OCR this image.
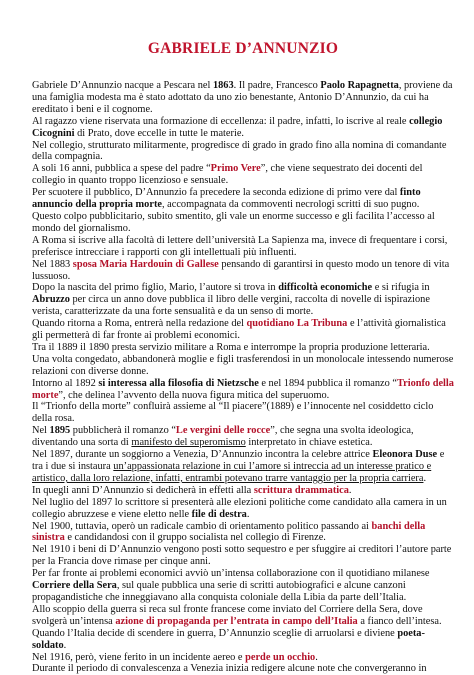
GABRIELE D’ANNUNZIO

Gabriele D’Annunzio nacque a Pescara nel 1863. Il padre, Francesco Paolo Rapagnetta, proviene da una famiglia modesta ma è stato adottato da uno zio benestante, Antonio D’Annunzio, da cui ha ereditato i beni e il cognome.

Al ragazzo viene riservata una formazione di eccellenza: il padre, infatti, lo iscrive al reale collegio Cicognini di Prato, dove eccelle in tutte le materie.

Nel collegio, strutturato militarmente, progredisce di grado in grado fino alla nomina di comandante della compagnia.

A soli 16 anni, pubblica a spese del padre “Primo Vere”, che viene sequestrato dei docenti del collegio in quanto troppo licenzioso e sensuale.

Per scuotere il pubblico, D’Annunzio fa precedere la seconda edizione di primo vere dal finto annuncio della propria morte, accompagnata da commoventi necrologi scritti di suo pugno.

Questo colpo pubblicitario, subito smentito, gli vale un enorme successo e gli facilita l’accesso al mondo del giornalismo.

A Roma si iscrive alla facoltà di lettere dell’università La Sapienza ma, invece di frequentare i corsi, preferisce intrecciare i rapporti con gli intellettuali più influenti.

Nel 1883 sposa Maria Hardouin di Gallese pensando di garantirsi in questo modo un tenore di vita lussuoso.

Dopo la nascita del primo figlio, Mario, l’autore si trova in difficoltà economiche e si rifugia in Abruzzo per circa un anno dove pubblica il libro delle vergini, raccolta di novelle di ispirazione verista, caratterizzate da una forte sensualità e da un senso di morte.

Quando ritorna a Roma, entrerà nella redazione del quotidiano La Tribuna e l’attività giornalistica gli permetterà di far fronte ai problemi economici.

Tra il 1889 il 1890 presta servizio militare a Roma e interrompe la propria produzione letteraria.

Una volta congedato, abbandonerà moglie e figli trasferendosi in un monolocale intessendo numerose relazioni con diverse donne.

Intorno al 1892 si interessa alla filosofia di Nietzsche e nel 1894 pubblica il romanzo “Trionfo della morte”, che delinea l’avvento della nuova figura mitica del superuomo.

Il “Trionfo della morte” confluirà assieme al “Il piacere”(1889) e l’innocente nel cosiddetto ciclo della rosa.

Nel 1895 pubblicherà il romanzo “Le vergini delle rocce”, che segna una svolta ideologica, diventando una sorta di manifesto del superomismo interpretato in chiave estetica.

Nel 1897, durante un soggiorno a Venezia, D’Annunzio incontra la celebre attrice Eleonora Duse e tra i due si instaura un’appassionata relazione in cui l’amore si intreccia ad un interesse pratico e artistico, dalla loro relazione, infatti, entrambi potevano trarre vantaggio per la propria carriera.

In quegli anni D’Annunzio si dedicherà in effetti alla scrittura drammatica.

Nel luglio del 1897 lo scrittore si presenterà alle elezioni politiche come candidato alla camera in un collegio abruzzese e viene eletto nelle file di destra.

Nel 1900, tuttavia, operò un radicale cambio di orientamento politico passando ai banchi della sinistra e candidandosi con il gruppo socialista nel collegio di Firenze.

Nel 1910 i beni di D’Annunzio vengono posti sotto sequestro e per sfuggire ai creditori l’autore parte per la Francia dove rimase per cinque anni.

Per far fronte ai problemi economici avviò un’intensa collaborazione con il quotidiano milanese Corriere della Sera, sul quale pubblica una serie di scritti autobiografici e alcune canzoni propagandistiche che inneggiavano alla conquista coloniale della Libia da parte dell’Italia.

Allo scoppio della guerra si reca sul fronte francese come inviato del Corriere della Sera, dove svolgerà un’intensa azione di propaganda per l’entrata in campo dell’Italia a fianco dell’intesa.

Quando l’Italia decide di scendere in guerra, D’Annunzio sceglie di arruolarsi e diviene poeta-soldato.

Nel 1916, però, viene ferito in un incidente aereo e perde un occhio.

Durante il periodo di convalescenza a Venezia inizia redigere alcune note che convergeranno in
